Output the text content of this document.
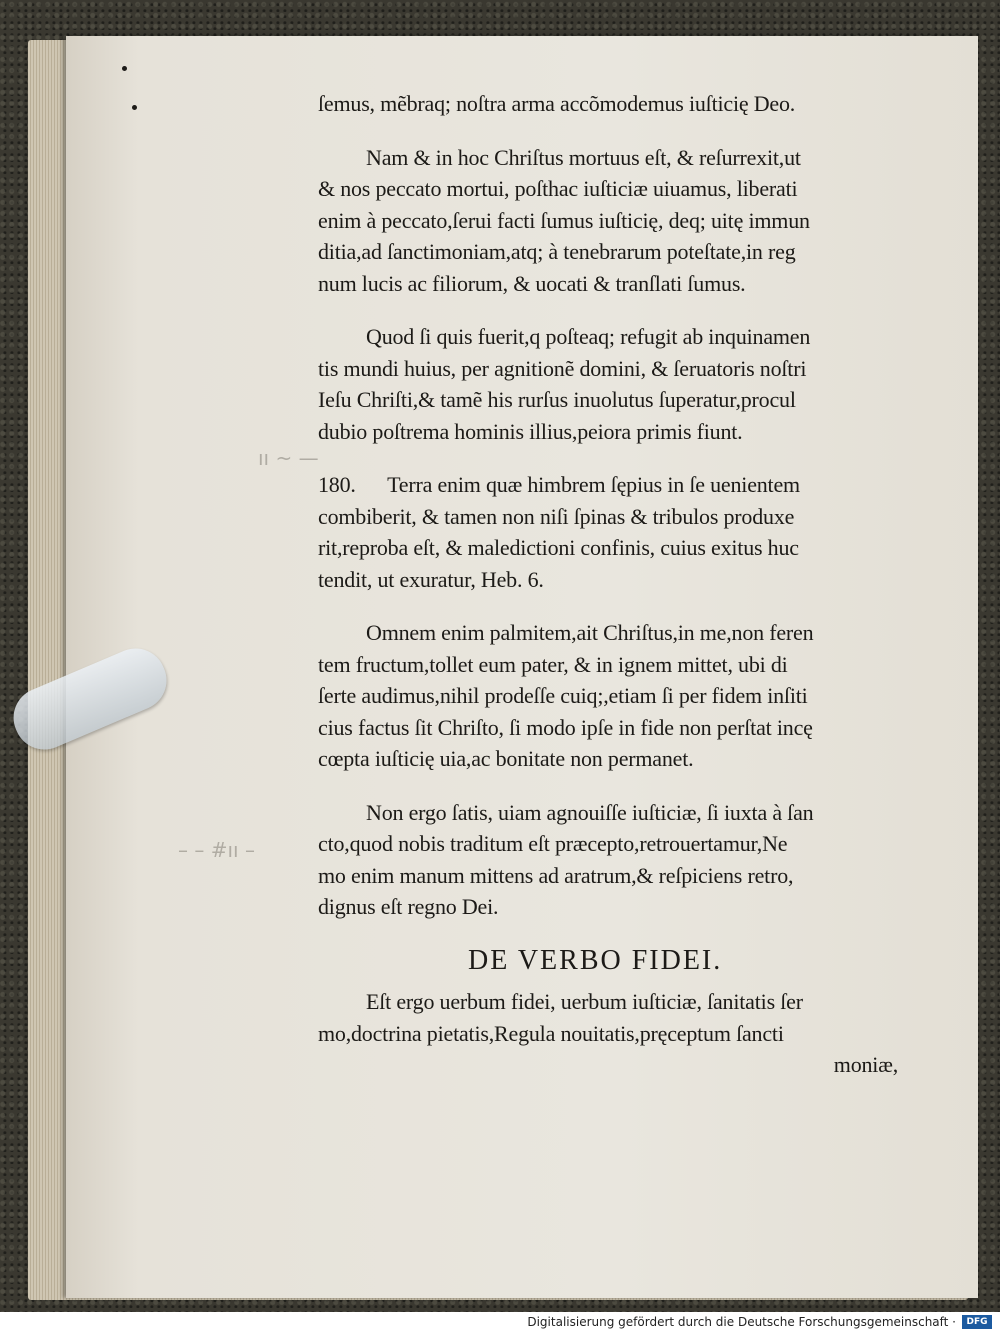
ıı ~ —
– – #ıı –
ſemus, mẽbraq; noſtra arma accõmodemus iuſticię Deo.
Nam & in hoc Chriſtus mortuus eſt, & reſurrexit,ut
& nos peccato mortui, poſthac iuſticiæ uiuamus, liberati
enim à peccato,ſerui facti ſumus iuſticię, deq; uitę immun
ditia,ad ſanctimoniam,atq; à tenebrarum poteſtate,in reg
num lucis ac filiorum, & uocati & tranſlati ſumus.
Quod ſi quis fuerit,q poſteaq; refugit ab inquinamen
tis mundi huius, per agnitionẽ domini, & ſeruatoris noſtri
Ieſu Chriſti,& tamẽ his rurſus inuolutus ſuperatur,procul
dubio poſtrema hominis illius,peiora primis fiunt.
180.      Terra enim quæ himbrem ſępius in ſe uenientem
combiberit, & tamen non niſi ſpinas & tribulos produxe
rit,reproba eſt, & maledictioni confinis, cuius exitus huc
tendit, ut exuratur, Heb. 6.
Omnem enim palmitem,ait Chriſtus,in me,non feren
tem fructum,tollet eum pater, & in ignem mittet, ubi di
ſerte audimus,nihil prodeſſe cuiq;,etiam ſi per fidem inſiti
cius factus ſit Chriſto, ſi modo ipſe in fide non perſtat incę
cœpta iuſticię uia,ac bonitate non permanet.
Non ergo ſatis, uiam agnouiſſe iuſticiæ, ſi iuxta à ſan
cto,quod nobis traditum eſt præcepto,retrouertamur,Ne
mo enim manum mittens ad aratrum,& reſpiciens retro,
dignus eſt regno Dei.
DE VERBO FIDEI.
Eſt ergo uerbum fidei, uerbum iuſticiæ, ſanitatis ſer
mo,doctrina pietatis,Regula nouitatis,pręceptum ſancti
moniæ,
Digitalisierung gefördert durch die Deutsche Forschungsgemeinschaft ·	DFG
